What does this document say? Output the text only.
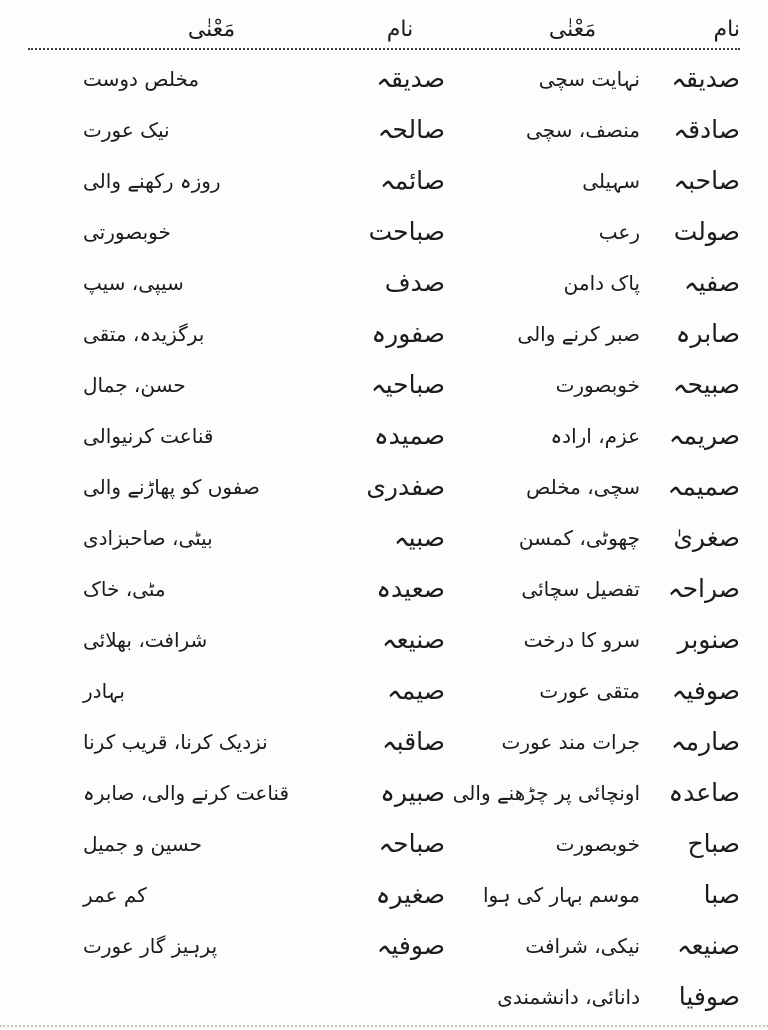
نام
مَعْنٰی
نام
مَعْنٰی
صدیقہ
نہایت سچی
صدیقہ
مخلص دوست
صادقہ
منصف، سچی
صالحہ
نیک عورت
صاحبہ
سہیلی
صائمہ
روزہ رکھنے والی
صولت
رعب
صباحت
خوبصورتی
صفیہ
پاک دامن
صدف
سیپی، سیپ
صابرہ
صبر کرنے والی
صفورہ
برگزیدہ، متقی
صبیحہ
خوبصورت
صباحیہ
حسن، جمال
صریمہ
عزم، ارادہ
صمیدہ
قناعت کرنیوالی
صمیمہ
سچی، مخلص
صفدری
صفوں کو پھاڑنے والی
صغریٰ
چھوٹی، کمسن
صبیہ
بیٹی، صاحبزادی
صراحہ
تفصیل سچائی
صعیدہ
مٹی، خاک
صنوبر
سرو کا درخت
صنیعہ
شرافت، بھلائی
صوفیہ
متقی عورت
صیمہ
بہادر
صارمہ
جرات مند عورت
صاقبہ
نزدیک کرنا، قریب کرنا
صاعدہ
اونچائی پر چڑھنے والی
صبیرہ
قناعت کرنے والی، صابرہ
صباح
خوبصورت
صباحہ
حسین و جمیل
صبا
موسم بہار کی ہوا
صغیرہ
کم عمر
صنیعہ
نیکی، شرافت
صوفیہ
پرہیز گار عورت
صوفیا
دانائی، دانشمندی
